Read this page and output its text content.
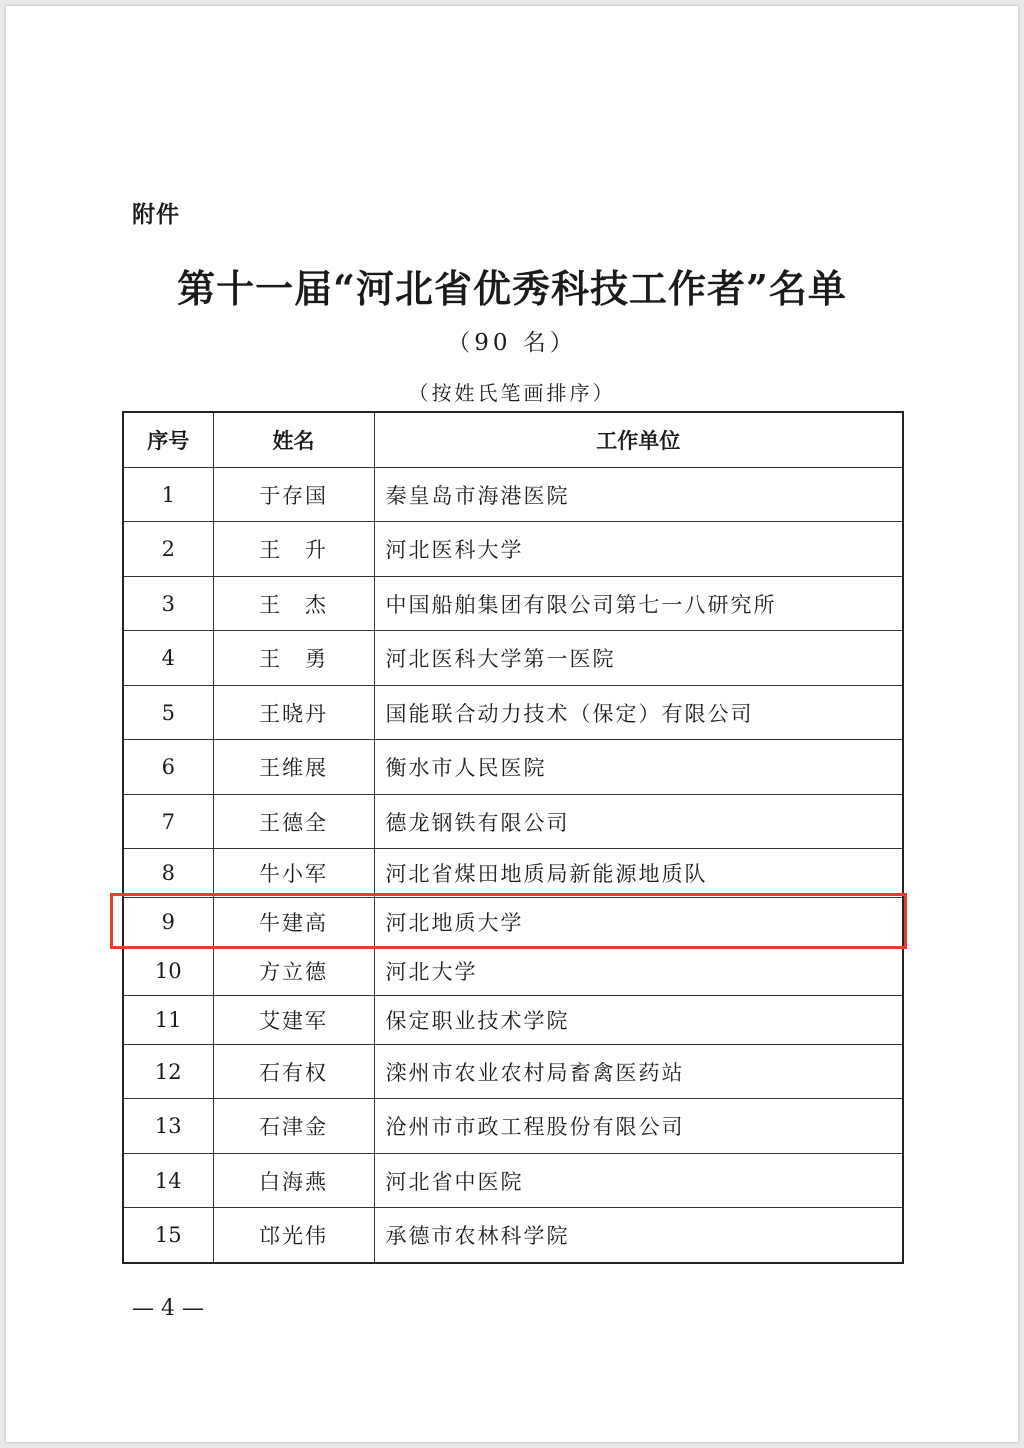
附件
第十一届“河北省优秀科技工作者”名单
（90 名）
（按姓氏笔画排序）
序号	姓名	工作单位
1	于存国	秦皇岛市海港医院
2	王　升	河北医科大学
3	王　杰	中国船舶集团有限公司第七一八研究所
4	王　勇	河北医科大学第一医院
5	王晓丹	国能联合动力技术（保定）有限公司
6	王维展	衡水市人民医院
7	王德全	德龙钢铁有限公司
8	牛小军	河北省煤田地质局新能源地质队
9	牛建高	河北地质大学
10	方立德	河北大学
11	艾建军	保定职业技术学院
12	石有权	滦州市农业农村局畜禽医药站
13	石津金	沧州市市政工程股份有限公司
14	白海燕	河北省中医院
15	邙光伟	承德市农林科学院
— 4 —
